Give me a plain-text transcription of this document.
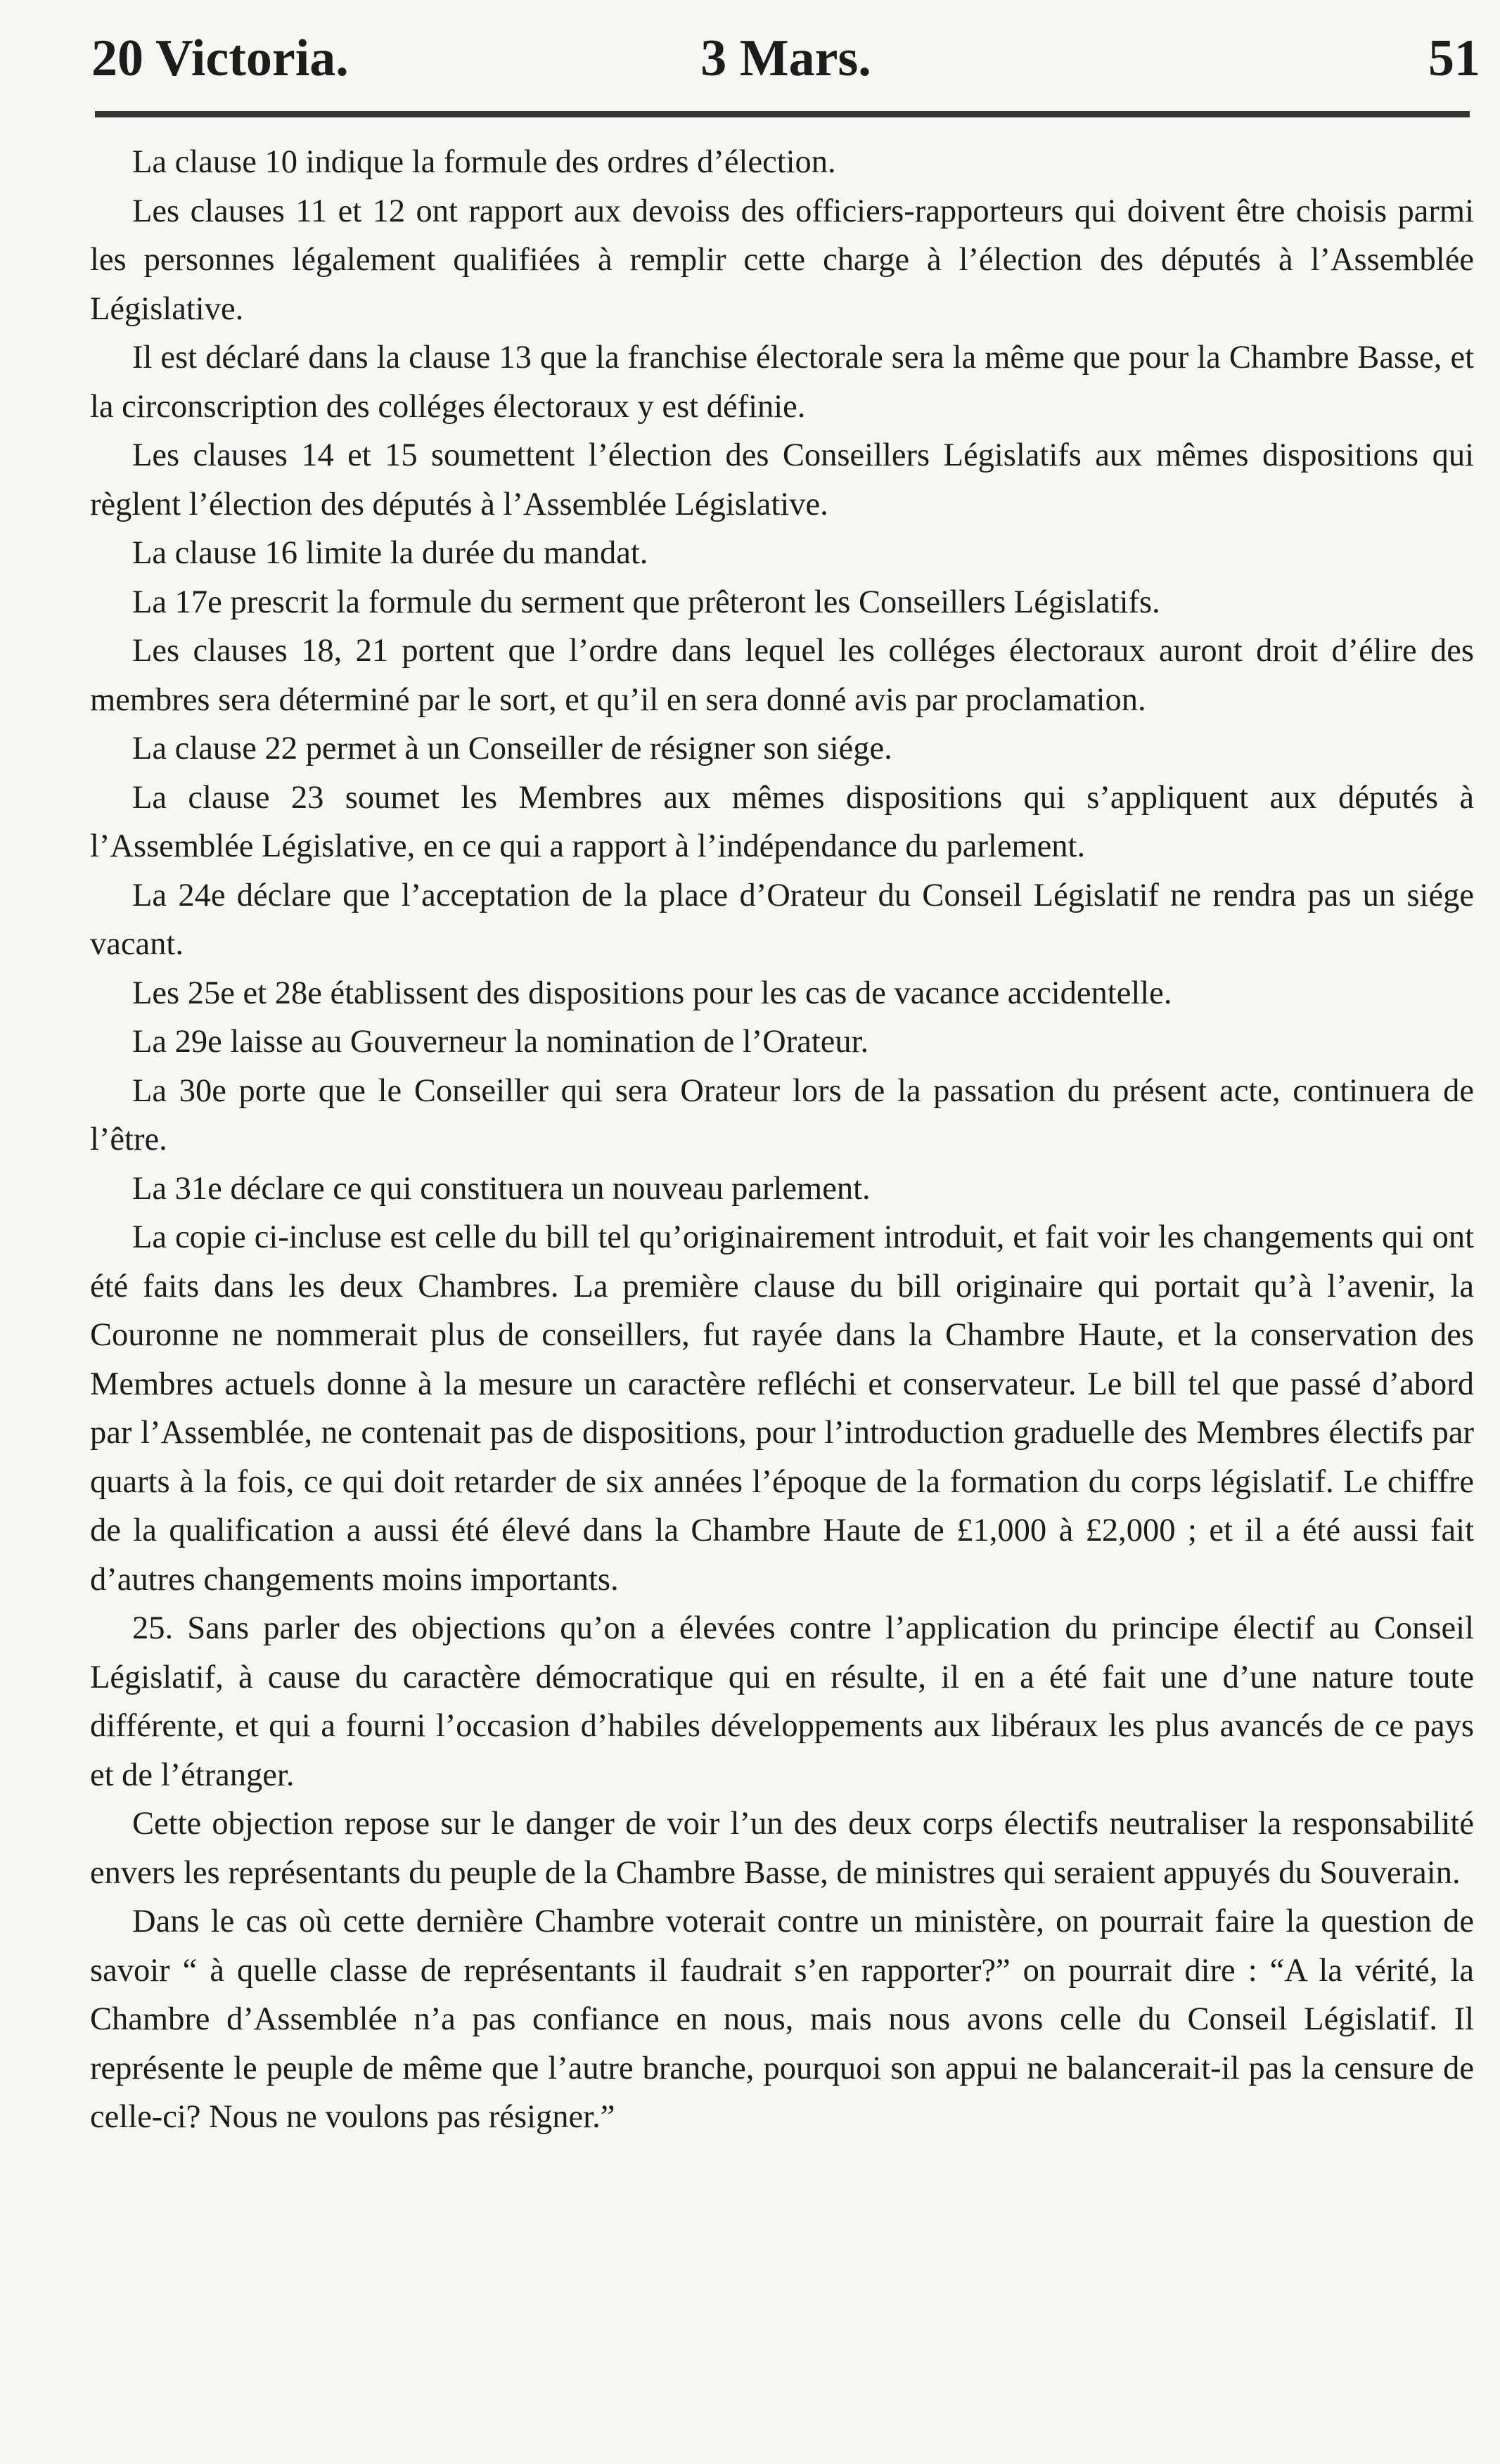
20 Victoria.	3 Mars.	51

La clause 10 indique la formule des ordres d’élection.

Les clauses 11 et 12 ont rapport aux devoiss des officiers-rapporteurs qui doivent être choisis parmi les personnes légalement qualifiées à remplir cette charge à l’élection des députés à l’Assemblée Législative.

Il est déclaré dans la clause 13 que la franchise électorale sera la même que pour la Chambre Basse, et la circonscription des colléges électoraux y est définie.

Les clauses 14 et 15 soumettent l’élection des Conseillers Législatifs aux mêmes dispositions qui règlent l’élection des députés à l’Assemblée Législative.

La clause 16 limite la durée du mandat.

La 17e prescrit la formule du serment que prêteront les Conseillers Législatifs.

Les clauses 18, 21 portent que l’ordre dans lequel les colléges électoraux auront droit d’élire des membres sera déterminé par le sort, et qu’il en sera donné avis par proclamation.

La clause 22 permet à un Conseiller de résigner son siége.

La clause 23 soumet les Membres aux mêmes dispositions qui s’appliquent aux députés à l’Assemblée Législative, en ce qui a rapport à l’indépendance du parlement.

La 24e déclare que l’acceptation de la place d’Orateur du Conseil Législatif ne rendra pas un siége vacant.

Les 25e et 28e établissent des dispositions pour les cas de vacance accidentelle.

La 29e laisse au Gouverneur la nomination de l’Orateur.

La 30e porte que le Conseiller qui sera Orateur lors de la passation du présent acte, continuera de l’être.

La 31e déclare ce qui constituera un nouveau parlement.

La copie ci-incluse est celle du bill tel qu’originairement introduit, et fait voir les changements qui ont été faits dans les deux Chambres. La première clause du bill originaire qui portait qu’à l’avenir, la Couronne ne nommerait plus de conseillers, fut rayée dans la Chambre Haute, et la conservation des Membres actuels donne à la mesure un caractère refléchi et conservateur. Le bill tel que passé d’abord par l’Assemblée, ne contenait pas de dispositions, pour l’introduction graduelle des Membres électifs par quarts à la fois, ce qui doit retarder de six années l’époque de la formation du corps législatif. Le chiffre de la qualification a aussi été élevé dans la Chambre Haute de £1,000 à £2,000 ; et il a été aussi fait d’autres changements moins importants.

25. Sans parler des objections qu’on a élevées contre l’application du principe électif au Conseil Législatif, à cause du caractère démocratique qui en résulte, il en a été fait une d’une nature toute différente, et qui a fourni l’occasion d’habiles développements aux libéraux les plus avancés de ce pays et de l’étranger.

Cette objection repose sur le danger de voir l’un des deux corps électifs neutraliser la responsabilité envers les représentants du peuple de la Chambre Basse, de ministres qui seraient appuyés du Souverain.

Dans le cas où cette dernière Chambre voterait contre un ministère, on pourrait faire la question de savoir “ à quelle classe de représentants il faudrait s’en rapporter?” on pourrait dire : “A la vérité, la Chambre d’Assemblée n’a pas confiance en nous, mais nous avons celle du Conseil Législatif. Il représente le peuple de même que l’autre branche, pourquoi son appui ne balancerait-il pas la censure de celle-ci? Nous ne voulons pas résigner.”
